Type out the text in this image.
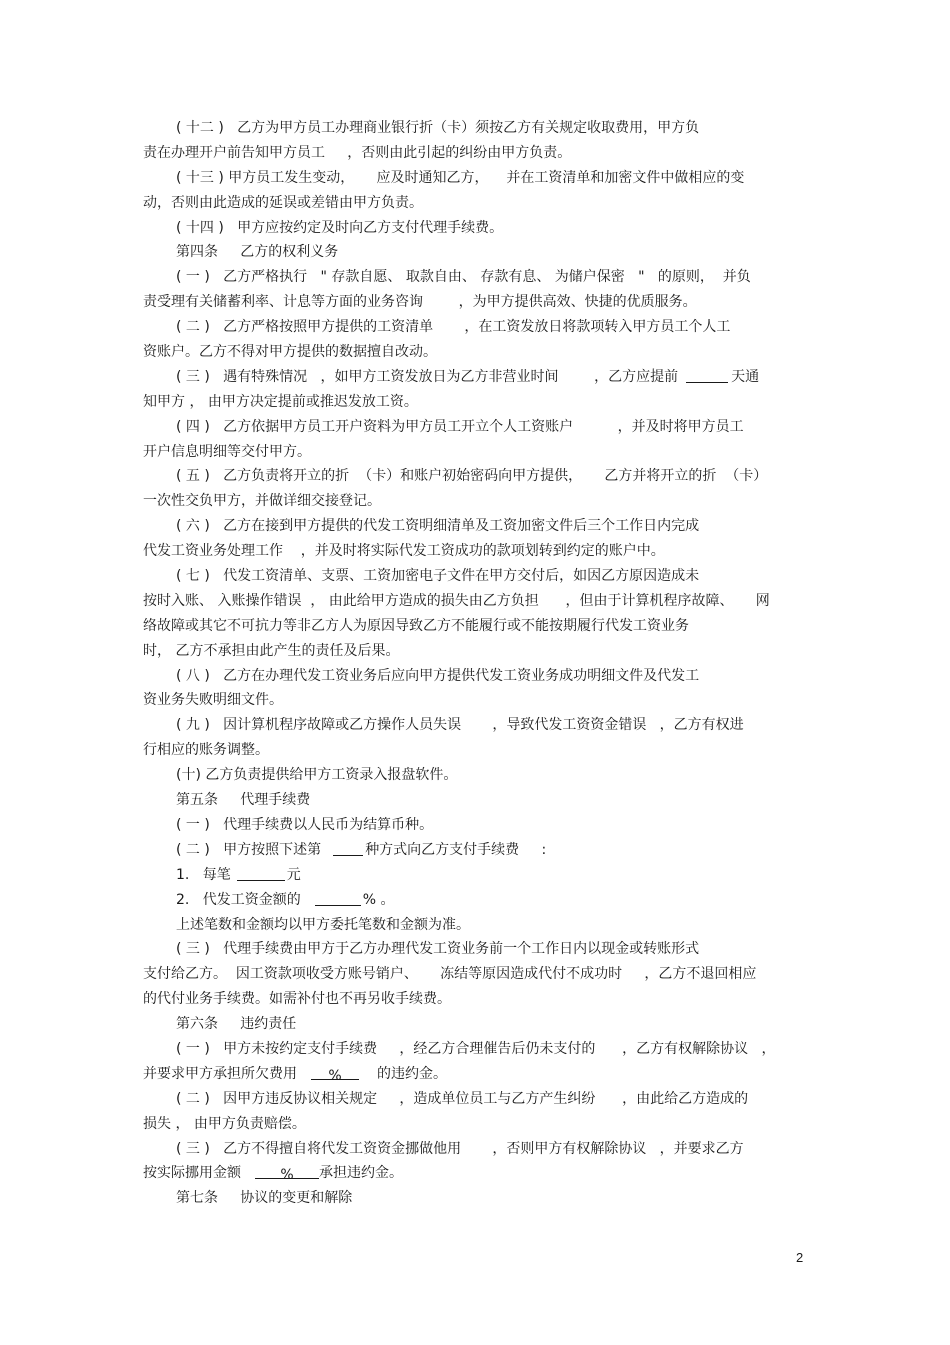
( 十二 )   乙方为甲方员工办理商业银行折（卡）须按乙方有关规定收取费用，甲方负
责在办理开户前告知甲方员工     ，否则由此引起的纠纷由甲方负责。
( 十三 ) 甲方员工发生变动，     应及时通知乙方，    并在工资清单和加密文件中做相应的变
动，否则由此造成的延误或差错由甲方负责。
( 十四 )   甲方应按约定及时向乙方支付代理手续费。
第四条     乙方的权利义务
( 一 )   乙方严格执行   " 存款自愿、 取款自由、 存款有息、 为储户保密   "   的原则，  并负
责受理有关储蓄利率、计息等方面的业务咨询        ，为甲方提供高效、快捷的优质服务。
( 二 )   乙方严格按照甲方提供的工资清单       ，在工资发放日将款项转入甲方员工个人工
资账户。乙方不得对甲方提供的数据擅自改动。
( 三 )   遇有特殊情况   ，如甲方工资发放日为乙方非营业时间        ，乙方应提前	天通
知甲方 ， 由甲方决定提前或推迟发放工资。
( 四 )   乙方依据甲方员工开户资料为甲方员工开立个人工资账户          ，并及时将甲方员工
开户信息明细等交付甲方。
( 五 )   乙方负责将开立的折  （卡）和账户初始密码向甲方提供，     乙方并将开立的折  （卡）
一次性交负甲方，并做详细交接登记。
( 六 )   乙方在接到甲方提供的代发工资明细清单及工资加密文件后三个工作日内完成
代发工资业务处理工作    ，并及时将实际代发工资成功的款项划转到约定的账户中。
( 七 )   代发工资清单、支票、工资加密电子文件在甲方交付后，如因乙方原因造成未
按时入账、 入账操作错误  ， 由此给甲方造成的损失由乙方负担      ，但由于计算机程序故障、     网
络故障或其它不可抗力等非乙方人为原因导致乙方不能履行或不能按期履行代发工资业务
时， 乙方不承担由此产生的责任及后果。
( 八 )   乙方在办理代发工资业务后应向甲方提供代发工资业务成功明细文件及代发工
资业务失败明细文件。
( 九 )   因计算机程序故障或乙方操作人员失误       ，导致代发工资资金错误   ，乙方有权进
行相应的账务调整。
(十) 乙方负责提供给甲方工资录入报盘软件。
第五条     代理手续费
( 一 )   代理手续费以人民币为结算币种。
( 二 )   甲方按照下述第	种方式向乙方支付手续费     :
1.   每笔	元
2.   代发工资金额的	% 。
上述笔数和金额均以甲方委托笔数和金额为准。
( 三 )   代理手续费由甲方于乙方办理代发工资业务前一个工作日内以现金或转账形式
支付给乙方。  因工资款项收受方账号销户、     冻结等原因造成代付不成功时     ，乙方不退回相应
的代付业务手续费。如需补付也不再另收手续费。
第六条     违约责任
( 一 )   甲方未按约定支付手续费     ，经乙方合理催告后仍未支付的      ，乙方有权解除协议   ，
并要求甲方承担所欠费用 %	的违约金。
( 二 )   因甲方违反协议相关规定     ，造成单位员工与乙方产生纠纷      ，由此给乙方造成的
损失 ， 由甲方负责赔偿。
( 三 )   乙方不得擅自将代发工资资金挪做他用       ，否则甲方有权解除协议   ，并要求乙方
按实际挪用金额	% 承担违约金。
第七条     协议的变更和解除
2
